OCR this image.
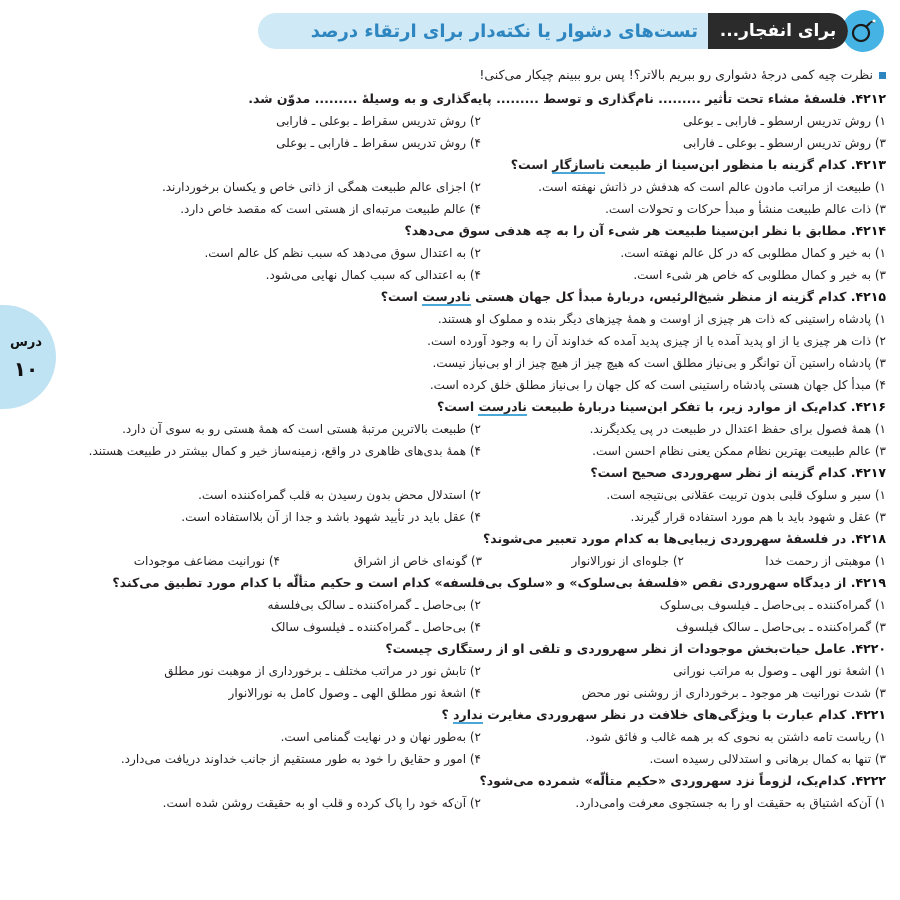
برای انفجار...
تست‌های دشوار یا نکته‌دار برای ارتقاء درصد
درس
۱۰
نظرت چیه کمی درجهٔ دشواری رو ببریم بالاتر؟! پس برو ببینم چیکار می‌کنی!
۴۲۱۲. فلسفهٔ مشاء تحت تأثیر ......... نام‌گذاری و توسط ......... پایه‌گذاری و به وسیلهٔ ......... مدوّن شد.
۱) روش تدریس ارسطو ـ فارابی ـ بوعلی
۲) روش تدریس سقراط ـ بوعلی ـ فارابی
۳) روش تدریس ارسطو ـ بوعلی ـ فارابی
۴) روش تدریس سقراط ـ فارابی ـ بوعلی
۴۲۱۳. کدام گزینه با منظور ابن‌سینا از طبیعت ناسازگار است؟
۱) طبیعت از مراتب مادون عالم است که هدفش در ذاتش نهفته است.
۲) اجزای عالم طبیعت همگی از ذاتی خاص و یکسان برخوردارند.
۳) ذات عالم طبیعت منشأ و مبدأ حرکات و تحولات است.
۴) عالم طبیعت مرتبه‌ای از هستی است که مقصد خاص دارد.
۴۲۱۴. مطابق با نظر ابن‌سینا طبیعت هر شیء آن را به چه هدفی سوق می‌دهد؟
۱) به خیر و کمال مطلوبی که در کل عالم نهفته است.
۲) به اعتدال سوق می‌دهد که سبب نظم کل عالم است.
۳) به خیر و کمال مطلوبی که خاص هر شیء است.
۴) به اعتدالی که سبب کمال نهایی می‌شود.
۴۲۱۵. کدام گزینه از منظر شیخ‌الرئیس، دربارهٔ مبدأ کل جهان هستی نادرست است؟
۱) پادشاه راستینی که ذات هر چیزی از اوست و همهٔ چیزهای دیگر بنده و مملوک او هستند.
۲) ذات هر چیزی یا از او پدید آمده یا از چیزی پدید آمده که خداوند آن را به وجود آورده است.
۳) پادشاه راستین آن توانگر و بی‌نیاز مطلق است که هیچ چیز از هیچ چیز از او بی‌نیاز نیست.
۴) مبدأ کل جهان هستی پادشاه راستینی است که کل جهان را بی‌نیاز مطلق خلق کرده است.
۴۲۱۶. کدام‌یک از موارد زیر، با تفکر ابن‌سینا دربارهٔ طبیعت نادرست است؟
۱) همهٔ فصول برای حفظ اعتدال در طبیعت در پی یکدیگرند.
۲) طبیعت بالاترین مرتبهٔ هستی است که همهٔ هستی رو به سوی آن دارد.
۳) عالم طبیعت بهترین نظام ممکن یعنی نظام احسن است.
۴) همهٔ بدی‌های ظاهری در واقع، زمینه‌ساز خیر و کمال بیشتر در طبیعت هستند.
۴۲۱۷. کدام گزینه از نظر سهروردی صحیح است؟
۱) سیر و سلوک قلبی بدون تربیت عقلانی بی‌نتیجه است.
۲) استدلال محض بدون رسیدن به قلب گمراه‌کننده است.
۳) عقل و شهود باید با هم مورد استفاده قرار گیرند.
۴) عقل باید در تأیید شهود باشد و جدا از آن بلااستفاده است.
۴۲۱۸. در فلسفهٔ سهروردی زیبایی‌ها به کدام مورد تعبیر می‌شوند؟
۱) موهبتی از رحمت خدا
۲) جلوه‌ای از نورالانوار
۳) گونه‌ای خاص از اشراق
۴) نورانیت مضاعف موجودات
۴۲۱۹. از دیدگاه سهروردی نقص «فلسفهٔ بی‌سلوک» و «سلوک بی‌فلسفه» کدام است و حکیم متألّه با کدام مورد تطبیق می‌کند؟
۱) گمراه‌کننده ـ بی‌حاصل ـ فیلسوف بی‌سلوک
۲) بی‌حاصل ـ گمراه‌کننده ـ سالک بی‌فلسفه
۳) گمراه‌کننده ـ بی‌حاصل ـ سالک فیلسوف
۴) بی‌حاصل ـ گمراه‌کننده ـ فیلسوف سالک
۴۲۲۰. عامل حیات‌بخش موجودات از نظر سهروردی و تلقی او از رستگاری چیست؟
۱) اشعهٔ نور الهی ـ وصول به مراتب نورانی
۲) تابش نور در مراتب مختلف ـ برخورداری از موهبت نور مطلق
۳) شدت نورانیت هر موجود ـ برخورداری از روشنی نور محض
۴) اشعهٔ نور مطلق الهی ـ وصول کامل به نورالانوار
۴۲۲۱. کدام عبارت با ویژگی‌های خلافت در نظر سهروردی مغایرت ندارد ؟
۱) ریاست تامه داشتن به نحوی که بر همه غالب و فائق شود.
۲) به‌طور نهان و در نهایت گمنامی است.
۳) تنها به کمال برهانی و استدلالی رسیده است.
۴) امور و حقایق را خود به طور مستقیم از جانب خداوند دریافت می‌دارد.
۴۲۲۲. کدام‌یک، لزوماً نزد سهروردی «حکیم متألّه» شمرده می‌شود؟
۱) آن‌که اشتیاق به حقیقت او را به جستجوی معرفت وامی‌دارد.
۲) آن‌که خود را پاک کرده و قلب او به حقیقت روشن شده است.
